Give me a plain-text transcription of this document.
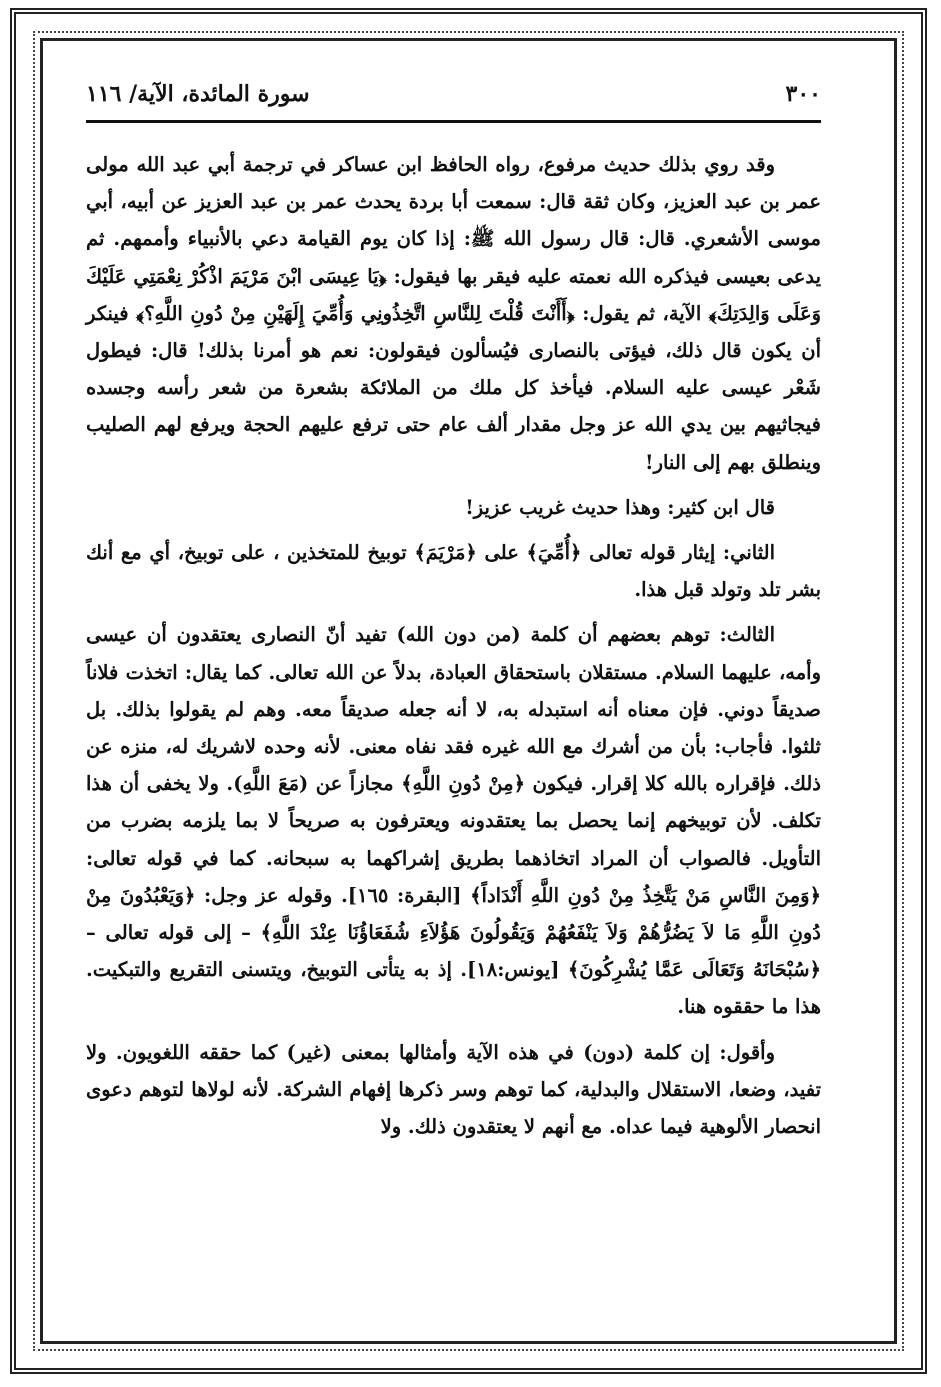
٣٠٠
سورة المائدة، الآية/ ١١٦

وقد روي بذلك حديث مرفوع، رواه الحافظ ابن عساكر في ترجمة أبي عبد الله مولى عمر بن عبد العزيز، وكان ثقة قال: سمعت أبا بردة يحدث عمر بن عبد العزيز عن أبيه، أبي موسى الأشعري. قال: قال رسول الله ﷺ: إذا كان يوم القيامة دعي بالأنبياء وأممهم. ثم يدعى بعيسى فيذكره الله نعمته عليه فيقر بها فيقول: ﴿يَا عِيسَى ابْنَ مَرْيَمَ اذْكُرْ نِعْمَتِي عَلَيْكَ وَعَلَى وَالِدَتِكَ﴾ الآية، ثم يقول: ﴿أَأَنْتَ قُلْتَ لِلنَّاسِ اتَّخِذُونِي وَأُمِّيَ إِلَهَيْنِ مِنْ دُونِ اللَّهِ؟﴾ فينكر أن يكون قال ذلك، فيؤتى بالنصارى فيُسألون فيقولون: نعم هو أمرنا بذلك! قال: فيطول شَعْر عيسى عليه السلام. فيأخذ كل ملك من الملائكة بشعرة من شعر رأسه وجسده فيجاثيهم بين يدي الله عز وجل مقدار ألف عام حتى ترفع عليهم الحجة ويرفع لهم الصليب وينطلق بهم إلى النار!

قال ابن كثير: وهذا حديث غريب عزيز!

الثاني: إيثار قوله تعالى ﴿أُمِّيَ﴾ على ﴿مَرْيَمَ﴾ توبيخ للمتخذين ، على توبيخ، أي مع أنك بشر تلد وتولد قبل هذا.

الثالث: توهم بعضهم أن كلمة (من دون الله) تفيد أنّ النصارى يعتقدون أن عيسى وأمه، عليهما السلام. مستقلان باستحقاق العبادة، بدلاً عن الله تعالى. كما يقال: اتخذت فلاناً صديقاً دوني. فإن معناه أنه استبدله به، لا أنه جعله صديقاً معه. وهم لم يقولوا بذلك. بل ثلثوا. فأجاب: بأن من أشرك مع الله غيره فقد نفاه معنى. لأنه وحده لاشريك له، منزه عن ذلك. فإقراره بالله كلا إقرار. فيكون ﴿مِنْ دُونِ اللَّهِ﴾ مجازاً عن (مَعَ اللَّهِ). ولا يخفى أن هذا تكلف. لأن توبيخهم إنما يحصل بما يعتقدونه ويعترفون به صريحاً لا بما يلزمه بضرب من التأويل. فالصواب أن المراد اتخاذهما بطريق إشراكهما به سبحانه. كما في قوله تعالى: ﴿وَمِنَ النَّاسِ مَنْ يَتَّخِذُ مِنْ دُونِ اللَّهِ أَنْدَاداً﴾ [البقرة: ١٦٥]. وقوله عز وجل: ﴿وَيَعْبُدُونَ مِنْ دُونِ اللَّهِ مَا لاَ يَضُرُّهُمْ وَلاَ يَنْفَعُهُمْ وَيَقُولُونَ هَؤُلاَءِ شُفَعَاؤُنَا عِنْدَ اللَّهِ﴾ – إلى قوله تعالى – ﴿سُبْحَانَهُ وَتَعَالَى عَمَّا يُشْرِكُونَ﴾ [يونس:١٨]. إذ به يتأتى التوبيخ، ويتسنى التقريع والتبكيت. هذا ما حققوه هنا.

وأقول: إن كلمة (دون) في هذه الآية وأمثالها بمعنى (غير) كما حققه اللغويون. ولا تفيد، وضعا، الاستقلال والبدلية، كما توهم وسر ذكرها إفهام الشركة. لأنه لولاها لتوهم دعوى انحصار الألوهية فيما عداه. مع أنهم لا يعتقدون ذلك. ولا
